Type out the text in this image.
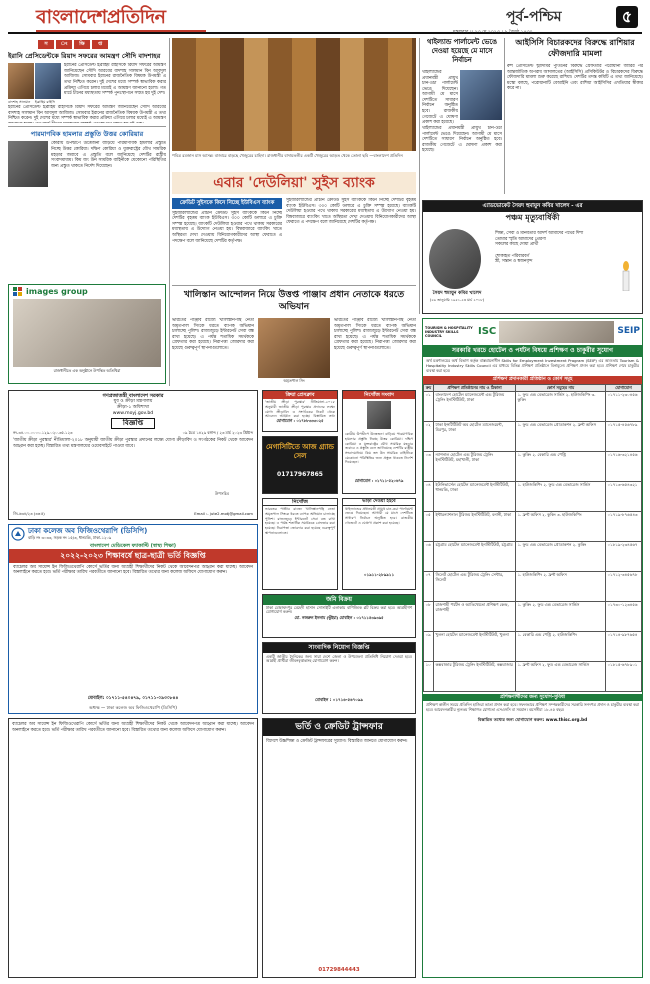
বাংলাদেশপ্রতিদিন	পূর্ব-পশ্চিম	৫
মঙ্গলবার ।। ২৩ মে ২০২৩ । ৯ জ্যৈষ্ঠ ১৪৩০
স	ং	ক্ষি	প্ত
ইরানি প্রেসিডেন্টকে রিয়াদ সফরের আমন্ত্রণ সৌদি বাদশাহর
বাদশাহ সালমান	ইব্রাহিম রাইসি
ইরানের প্রেসিডেন্ট ইব্রাহিম রাইসিকে রিয়াদ সফরের আমন্ত্রণ জানিয়েছেন সৌদি আরবের বাদশাহ সালমান বিন আবদুল আজিজ। সোমবার ইরানের রাজনৈতিক বিষয়ক উপমন্ত্রী এ তথ্য নিশ্চিত করেন। দুই দেশের মধ্যে সম্পর্ক স্বাভাবিক করার প্রক্রিয়া এগিয়ে চলার মধ্যেই এ আমন্ত্রণ জানানো হলো। গত মার্চে চীনের মধ্যস্থতায় সম্পর্ক পুনঃস্থাপনে সম্মত হয় দুই দেশ।
ইরানের প্রেসিডেন্ট ইব্রাহিম রাইসিকে রিয়াদ সফরের আমন্ত্রণ জানিয়েছেন সৌদি আরবের বাদশাহ সালমান বিন আবদুল আজিজ। সোমবার ইরানের রাজনৈতিক বিষয়ক উপমন্ত্রী এ তথ্য নিশ্চিত করেন। দুই দেশের মধ্যে সম্পর্ক স্বাভাবিক করার প্রক্রিয়া এগিয়ে চলার মধ্যেই এ আমন্ত্রণ
পারমাণবিক হামলার প্রস্তুতি উত্তর কোরিয়ার
কোরীয় উপদ্বীপে উত্তেজনা বাড়িয়ে পারমাণবিক হামলার প্রস্তুতি নিচ্ছে উত্তর কোরিয়া। দক্ষিণ কোরিয়া ও যুক্তরাষ্ট্রের যৌথ সামরিক মহড়ার জবাবে এ প্রস্তুতি বলে জানিয়েছে দেশটির রাষ্ট্রীয় সংবাদমাধ্যম। কিম জং উন সামরিক বাহিনীকে যেকোনো পরিস্থিতির জন্য প্রস্তুত থাকতে নির্দেশ দিয়েছেন।
images group
রাজধানীতে এক অনুষ্ঠানে উপস্থিত অতিথিরা
পবিত্র রমজান মাস আসন্ন। বাজারে বাড়ছে খেজুরের চাহিদা। রাজধানীর বাদামতলীর একটি খেজুরের আড়ত থেকে তোলা ছবি —বাংলাদেশ প্রতিদিন
এবার 'দেউলিয়া' সুইস ব্যাংক
ক্রেডিট সুইসকে কিনে নিচ্ছে ইউবিএস ব্যাংক
সুইজারল্যান্ডের প্রাচীন ক্রেডিট সুইস ব্যাংককে কিনে নিচ্ছে দেশটির বৃহত্তম ব্যাংক ইউবিএস। ৩০০ কোটি ডলারে এ চুক্তি সম্পন্ন হয়েছে। ব্যাংকটি দেউলিয়া হওয়ার পথে থাকায় সরকারের মধ্যস্থতায় এ উদ্যোগ নেওয়া হয়। বিশ্ববাজারে ব্যাংকিং খাতে অস্থিরতা দেখা দেওয়ায় বিনিয়োগকারীদের আস্থা ফেরাতে এ পদক্ষেপ বলে জানিয়েছে দেশটির কর্তৃপক্ষ।
সুইজারল্যান্ডের প্রাচীন ক্রেডিট সুইস ব্যাংককে কিনে নিচ্ছে দেশটির বৃহত্তম ব্যাংক ইউবিএস। ৩০০ কোটি ডলারে এ চুক্তি সম্পন্ন হয়েছে। ব্যাংকটি দেউলিয়া হওয়ার পথে থাকায় সরকারের মধ্যস্থতায় এ উদ্যোগ নেওয়া হয়। বিশ্ববাজারে ব্যাংকিং খাতে অস্থিরতা দেখা দেওয়ায় বিনিয়োগকারীদের আস্থা ফেরাতে এ পদক্ষেপ বলে জানিয়েছে দেশটির কর্তৃপক্ষ।
খালিস্তান আন্দোলন নিয়ে উত্তপ্ত পাঞ্জাব প্রধান নেতাকে ধরতে অভিযান
ভারতের পাঞ্জাব রাজ্যে খালিস্তানপন্থি নেতা অমৃতপাল সিংকে ধরতে ব্যাপক অভিযান চালাচ্ছে পুলিশ। রাজ্যজুড়ে ইন্টারনেট সেবা বন্ধ রাখা হয়েছে। এ পর্যন্ত শতাধিক সমর্থককে গ্রেফতার করা হয়েছে। নিরাপত্তা জোরদার করা হয়েছে গুরুত্বপূর্ণ স্থাপনাগুলোতে।
অমৃতপাল সিং
ভারতের পাঞ্জাব রাজ্যে খালিস্তানপন্থি নেতা অমৃতপাল সিংকে ধরতে ব্যাপক অভিযান চালাচ্ছে পুলিশ। রাজ্যজুড়ে ইন্টারনেট সেবা বন্ধ রাখা হয়েছে। এ পর্যন্ত শতাধিক সমর্থককে গ্রেফতার করা হয়েছে। নিরাপত্তা জোরদার করা হয়েছে গুরুত্বপূর্ণ স্থাপনাগুলোতে।
থাইল্যান্ড পার্লামেন্ট ভেঙে দেওয়া হয়েছে মে মাসে নির্বাচন
থাইল্যান্ডের প্রধানমন্ত্রী প্রায়ুথ চান-ওচা পার্লামেন্ট ভেঙে দিয়েছেন। আগামী মে মাসে দেশটিতে সাধারণ নির্বাচন অনুষ্ঠিত হবে। রাজকীয় গেজেটে এ ঘোষণা প্রকাশ করা হয়েছে।
থাইল্যান্ডের প্রধানমন্ত্রী প্রায়ুথ চান-ওচা পার্লামেন্ট ভেঙে দিয়েছেন। আগামী মে মাসে দেশটিতে সাধারণ নির্বাচন অনুষ্ঠিত হবে। রাজকীয় গেজেটে এ ঘোষণা প্রকাশ করা হয়েছে।
আইসিসি বিচারকদের বিরুদ্ধে রাশিয়ার ফৌজদারি মামলা
রুশ প্রেসিডেন্ট ভ্লাদিমির পুতিনের বিরুদ্ধে গ্রেফতারি পরোয়ানা জারির পর আন্তর্জাতিক অপরাধ আদালতের (আইসিসি) প্রসিকিউটর ও বিচারকদের বিরুদ্ধে ফৌজদারি মামলা শুরু করেছে রাশিয়া। দেশটির তদন্ত কমিটি এ তথ্য জানিয়েছে। মস্কো বলছে, পরোয়ানাটি বেআইনি এবং রাশিয়া আইসিসির এখতিয়ার স্বীকার করে না।
এ্যাডভোকেট সৈয়দ হুমায়ুন কবির খালেদ - এর
পঞ্চম মৃত্যুবার্ষিকী
সৈয়দ হুমায়ুন কবির খালেদ
(২৬ জানুয়ারি ১৯৫১-২৩ মার্চ ২০১৮)
শিক্ষা, সেবা ও মানবতার আদর্শ আমাদের পথের দিশা
তোমার স্মৃতি আমাদের প্রেরণা
সকলের কাছে দোয়া প্রার্থী
শোকাহত পরিবারবর্গ
স্ত্রী, সন্তান ও স্বজনবৃন্দ
TOURISM & HOSPITALITY INDUSTRY SKILLS COUNCIL	ISC	SEIP
সরকারি খরচে হোটেল ও পর্যটন বিষয়ে প্রশিক্ষণ ও চাকুরীর সুযোগ
অর্থ মন্ত্রণালয়ের অর্থ বিভাগ কর্তৃক বাস্তবায়নাধীন Skills for Employment Investment Program (SEIP) এর আওতায় Tourism & Hospitality Industry Skills Council এর মাধ্যমে বিভিন্ন প্রশিক্ষণ প্রতিষ্ঠানে বিনামূল্যে প্রশিক্ষণ প্রদান করা হবে। প্রশিক্ষণ শেষে চাকুরীর ব্যবস্থা করা হবে।
প্রশিক্ষণ প্রদানকারী প্রতিষ্ঠান ও কোর্স সমূহ
ক্রম	প্রশিক্ষণ প্রতিষ্ঠানের নাম ও ঠিকানা	কোর্স সমূহের নাম	যোগাযোগ
০১	বাংলাদেশ হোটেল ম্যানেজমেন্ট এন্ড টুরিজম ট্রেনিং ইনস্টিটিউট, ঢাকা	১. ফুড এন্ড বেভারেজ সার্ভিস ২. হাউজকিপিং ৩. কুকিং	০১৭১১-২৩০৪৫৬
০২	ঢাকা ইন্সটিটিউট অব হোটেল ম্যানেজমেন্ট, মিরপুর, ঢাকা	১. ফুড এন্ড বেভারেজ প্রোডাকশন ২. ফ্রন্ট অফিস	০১৭১৫-৪৫৬৭৮৯
০৩	ন্যাশনাল হোটেল এন্ড টুরিজম ট্রেনিং ইনস্টিটিউট, মহাখালী, ঢাকা	১. কুকিং ২. বেকারি এন্ড পেস্ট্রি	০১৭১৬-৩২১৪৫৬
০৪	ইউনিভার্সেল হোটেল ম্যানেজমেন্ট ইনস্টিটিউট, ধানমন্ডি, ঢাকা	১. হাউজকিপিং ২. ফুড এন্ড বেভারেজ সার্ভিস	০১৭১৩-৬৫৪৩২১
০৫	ইন্টারন্যাশনাল টুরিজম ইনস্টিটিউট, বনানী, ঢাকা	১. ফ্রন্ট অফিস ২. কুকিং ৩. হাউজকিপিং	০১৭১৯-৮৭৬৫৪৩
০৬	চট্টগ্রাম হোটেল ম্যানেজমেন্ট ইনস্টিটিউট, চট্টগ্রাম	১. ফুড এন্ড বেভারেজ প্রোডাকশন ২. কুকিং	০১৮১৯-২৩৪৫৬৭
০৭	সিলেট হোটেল এন্ড টুরিজম ট্রেনিং সেন্টার, সিলেট	১. হাউজকিপিং ২. ফ্রন্ট অফিস	০১৭১২-৩৪৫৬৭৮
০৮	রাজশাহী পর্যটন ও আতিথেয়তা প্রশিক্ষণ কেন্দ্র, রাজশাহী	১. কুকিং ২. ফুড এন্ড বেভারেজ সার্ভিস	০১৭৩০-১২৩৪৫৬
০৯	খুলনা হোটেল ম্যানেজমেন্ট ইনস্টিটিউট, খুলনা	১. বেকারি এন্ড পেস্ট্রি ২. হাউজকিপিং	০১৭১৪-৯৮৭৬৫৪
১০	কক্সবাজার টুরিজম ট্রেনিং ইনস্টিটিউট, কক্সবাজার	১. ফ্রন্ট অফিস ২. ফুড এন্ড বেভারেজ সার্ভিস	০১৮১৫-৬৭৮৯০১
প্রশিক্ষণার্থীদের জন্য সুযোগ-সুবিধা
প্রশিক্ষণ কালীন সময়ে প্রতিদিন হাজিরা ভাতা প্রদান করা হবে। সফলভাবে প্রশিক্ষণ সম্পন্নকারীদের সরকারি সনদপত্র প্রদান ও চাকুরীর ব্যবস্থা করা হবে। আবেদনকারীর ন্যূনতম শিক্ষাগত যোগ্যতা এসএসসি বা সমমান। বয়সসীমা ১৮-৪৫ বছর।
বিস্তারিত তথ্যের জন্য যোগাযোগ করুন: www.thisc.org.bd
গণপ্রজাতন্ত্রী বাংলাদেশ সরকার
যুব ও ক্রীড়া মন্ত্রণালয়
ক্রীড়া-১ অধিশাখা
www.moyj.gov.bd
বিজ্ঞপ্তি
নং-৩৪.০০.০০০০.১২৯.০২০.৩৫.১২৩	০৯ চৈত্র ১৪২৯ বঙ্গাব্দ / ২৩ মার্চ ২০২৩ খ্রিষ্টাব্দ
'জাতীয় ক্রীড়া পুরস্কার' নীতিমালা-২০১৮ অনুযায়ী জাতীয় ক্রীড়া পুরস্কার প্রদানের লক্ষ্যে যোগ্য ক্রীড়াবিদ ও সংগঠকের নিকট থেকে আবেদন আহ্বান করা হচ্ছে। বিস্তারিত তথ্য মন্ত্রণালয়ের ওয়েবসাইটে পাওয়া যাবে।
উপসচিব
জি-৬৩৪/২৩ (৩×৫)	Email :- jute2.motj@gmail.com
ঢাকা কলেজ অব ফিজিওথেরাপি (ডিসিপি)
বাড়ি নং ৩০৩৩, সড়ক নং ১৫/৩, ধানমন্ডি, ঢাকা-১২০৯
বাংলাদেশ মেডিকেল ফ্যাকাল্টি (স্বাস্থ্য শিক্ষা)
২০২২-২০২৩ শিক্ষাবর্ষে ছাত্র-ছাত্রী ভর্তি বিজ্ঞপ্তি
ব্যাচেলর অব সায়েন্স ইন ফিজিওথেরাপি কোর্সে ভর্তির জন্য আগ্রহী শিক্ষার্থীদের নিকট থেকে আবেদনপত্র আহ্বান করা যাচ্ছে। আবেদন অনলাইনে করতে হবে। ভর্তি পরীক্ষার তারিখ পরবর্তীতে জানানো হবে। বিস্তারিত তথ্যের জন্য কলেজ অফিসে যোগাযোগ করুন।
মোবাইল: ০১৭১১-৫৪০৪৭৯, ০১৭১১-০৯৩০৮৪৪
অধ্যক্ষ — ঢাকা কলেজ অব ফিজিওথেরাপি (ডিসিপি)
ক্রিয়া প্রেসক্লাব
'জাতীয় ক্রীড়া পুরস্কার' নীতিমালা-২০১৮ অনুযায়ী জাতীয় ক্রীড়া পুরস্কার প্রদানের লক্ষ্যে যোগ্য ক্রীড়াবিদ ও সংগঠকের নিকট থেকে আবেদন আহ্বান করা হচ্ছে। বিস্তারিত তথ্য
যোগাযোগ : ০১৭৮৮৩৩৩০২৫
মেগাসিটিতে আজ গ্র্যান্ড সেল
01717967865
নিখোঁজ সংবাদ
কোরীয় উপদ্বীপে উত্তেজনা বাড়িয়ে পারমাণবিক হামলার প্রস্তুতি নিচ্ছে উত্তর কোরিয়া। দক্ষিণ কোরিয়া ও যুক্তরাষ্ট্রের যৌথ সামরিক মহড়ার জবাবে এ প্রস্তুতি বলে জানিয়েছে দেশটির রাষ্ট্রীয় সংবাদমাধ্যম। কিম জং উন সামরিক বাহিনীকে যেকোনো পরিস্থিতির জন্য প্রস্তুত থাকতে নির্দেশ দিয়েছেন।
যোগাযোগ : ০১৭১১-৫২০৬৭৯
নিখোঁজ
ভারতের পাঞ্জাব রাজ্যে খালিস্তানপন্থি নেতা অমৃতপাল সিংকে ধরতে ব্যাপক অভিযান চালাচ্ছে পুলিশ। রাজ্যজুড়ে ইন্টারনেট সেবা বন্ধ রাখা হয়েছে। এ পর্যন্ত শতাধিক সমর্থককে গ্রেফতার করা হয়েছে। নিরাপত্তা জোরদার করা হয়েছে গুরুত্বপূর্ণ স্থাপনাগুলোতে।
ভাড়া দেওয়া হইবে
থাইল্যান্ডের প্রধানমন্ত্রী প্রায়ুথ চান-ওচা পার্লামেন্ট ভেঙে দিয়েছেন। আগামী মে মাসে দেশটিতে সাধারণ নির্বাচন অনুষ্ঠিত হবে। রাজকীয় গেজেটে এ ঘোষণা প্রকাশ করা হয়েছে।
০১৯১১-২৮৯৯১১
জমি বিক্রয়
ঢাকা মোহাম্মদপুর মেহেদী হাসান সোসাইটি এলাকায় বাণিজ্যিক প্লট বিক্রয় করা হবে। আগ্রহীগণ যোগাযোগ করুন।
মো. নজরুল ইসলাম (ভূঁইয়া) মোবাইল : ০১৭১১৫৩৯৩৯৫
সাংবাদিক নিয়োগ বিজ্ঞপ্তি
একটি জাতীয় দৈনিকের জন্য সারা দেশে জেলা ও উপজেলা প্রতিনিধি নিয়োগ দেওয়া হবে। আগ্রহী প্রার্থীরা জীবনবৃত্তান্তসহ যোগাযোগ করুন।
মোবাইল : ০১৭১৬-৫৬৭০৯৯
ভর্তি ও ক্রেডিট ট্রান্সফার
বিদেশে উচ্চশিক্ষা ও ক্রেডিট ট্রান্সফারের সুযোগ। বিস্তারিত জানতে যোগাযোগ করুন।
01729844443
ব্যাচেলর অব সায়েন্স ইন ফিজিওথেরাপি কোর্সে ভর্তির জন্য আগ্রহী শিক্ষার্থীদের নিকট থেকে আবেদনপত্র আহ্বান করা যাচ্ছে। আবেদন অনলাইনে করতে হবে। ভর্তি পরীক্ষার তারিখ পরবর্তীতে জানানো হবে। বিস্তারিত তথ্যের জন্য কলেজ অফিসে যোগাযোগ করুন।
